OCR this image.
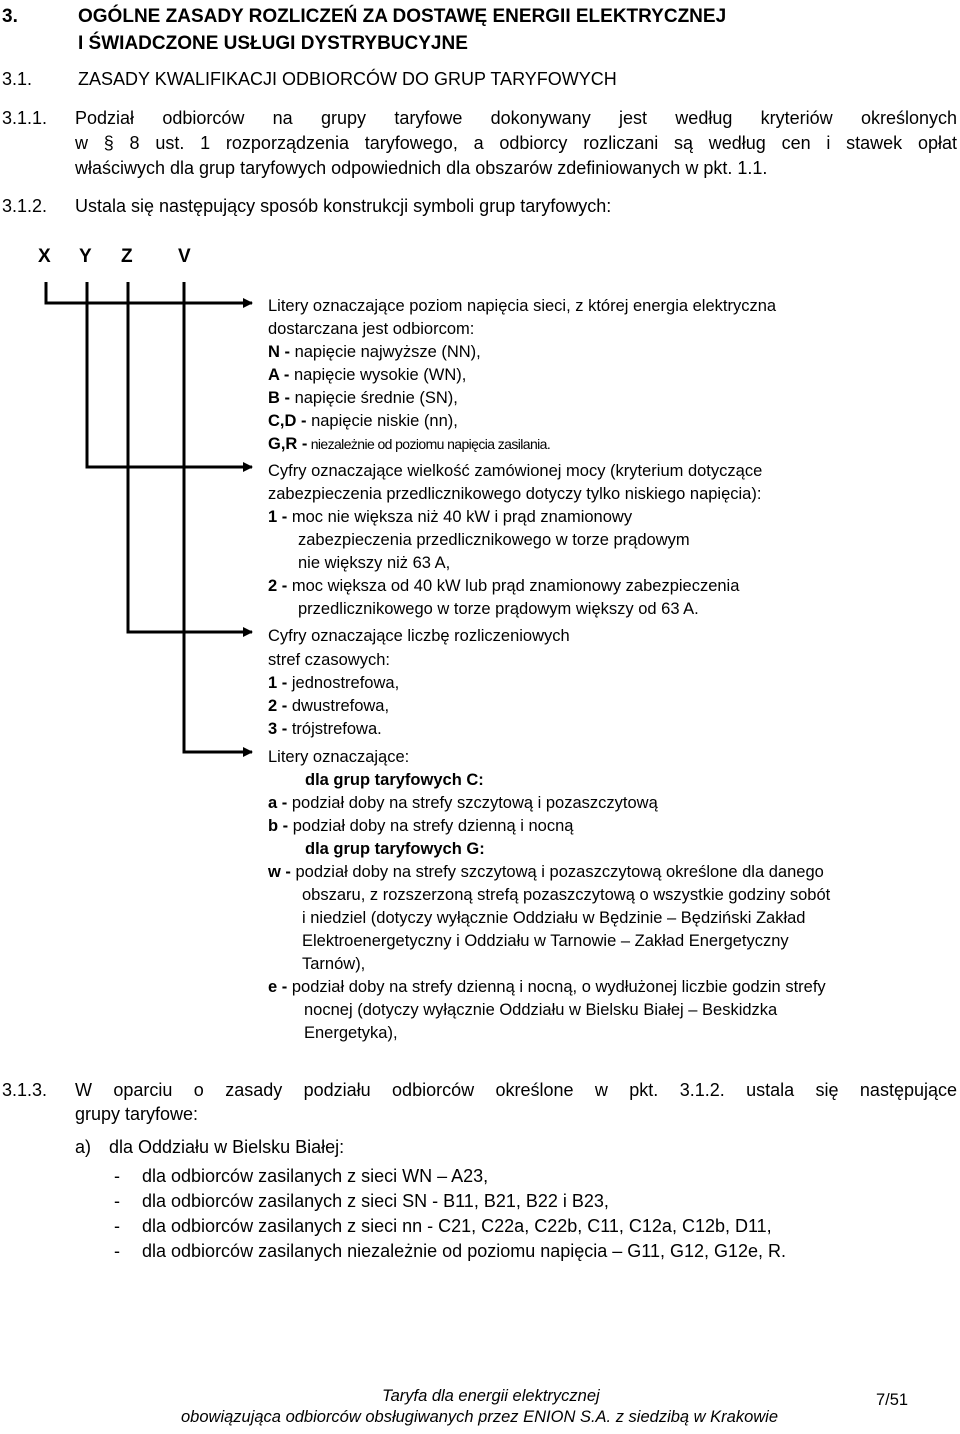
3.	OGÓLNE ZASADY ROZLICZEŃ ZA DOSTAWĘ ENERGII ELEKTRYCZNEJ
I ŚWIADCZONE USŁUGI DYSTRYBUCYJNE
3.1.	ZASADY KWALIFIKACJI ODBIORCÓW DO GRUP TARYFOWYCH
3.1.1. Podział odbiorców na grupy taryfowe dokonywany jest według kryteriów określonych
w § 8 ust. 1 rozporządzenia taryfowego, a odbiorcy rozliczani są według cen i stawek opłat
właściwych dla grup taryfowych odpowiednich dla obszarów zdefiniowanych w pkt. 1.1.
3.1.2. Ustala się następujący sposób konstrukcji symboli grup taryfowych:
X Y Z V
Litery oznaczające poziom napięcia sieci, z której energia elektryczna
dostarczana jest odbiorcom:
N - napięcie najwyższe (NN),
A - napięcie wysokie (WN),
B - napięcie średnie (SN),
C,D - napięcie niskie (nn),
G,R - niezależnie od poziomu napięcia zasilania.
Cyfry oznaczające wielkość zamówionej mocy (kryterium dotyczące
zabezpieczenia przedlicznikowego dotyczy tylko niskiego napięcia):
1 - moc nie większa niż 40 kW i prąd znamionowy
zabezpieczenia przedlicznikowego w torze prądowym
nie większy niż 63 A,
2 - moc większa od 40 kW lub prąd znamionowy zabezpieczenia
przedlicznikowego w torze prądowym większy od 63 A.
Cyfry oznaczające liczbę rozliczeniowych
stref czasowych:
1 - jednostrefowa,
2 - dwustrefowa,
3 - trójstrefowa.
Litery oznaczające:
dla grup taryfowych C:
a - podział doby na strefy szczytową i pozaszczytową
b - podział doby na strefy dzienną i nocną
dla grup taryfowych G:
w - podział doby na strefy szczytową i pozaszczytową określone dla danego
obszaru, z rozszerzoną strefą pozaszczytową o wszystkie godziny sobót
i niedziel (dotyczy wyłącznie Oddziału w Będzinie – Będziński Zakład
Elektroenergetyczny i Oddziału w Tarnowie – Zakład Energetyczny
Tarnów),
e - podział doby na strefy dzienną i nocną, o wydłużonej liczbie godzin strefy
nocnej (dotyczy wyłącznie Oddziału w Bielsku Białej – Beskidzka
Energetyka),
3.1.3. W oparciu o zasady podziału odbiorców określone w pkt. 3.1.2. ustala się następujące
grupy taryfowe:
a) dla Oddziału w Bielsku Białej:
- dla odbiorców zasilanych z sieci WN – A23,
- dla odbiorców zasilanych z sieci SN - B11, B21, B22 i B23,
- dla odbiorców zasilanych z sieci nn - C21, C22a, C22b, C11, C12a, C12b, D11,
- dla odbiorców zasilanych niezależnie od poziomu napięcia – G11, G12, G12e, R.
Taryfa dla energii elektrycznej	7/51
obowiązująca odbiorców obsługiwanych przez ENION S.A. z siedzibą w Krakowie
